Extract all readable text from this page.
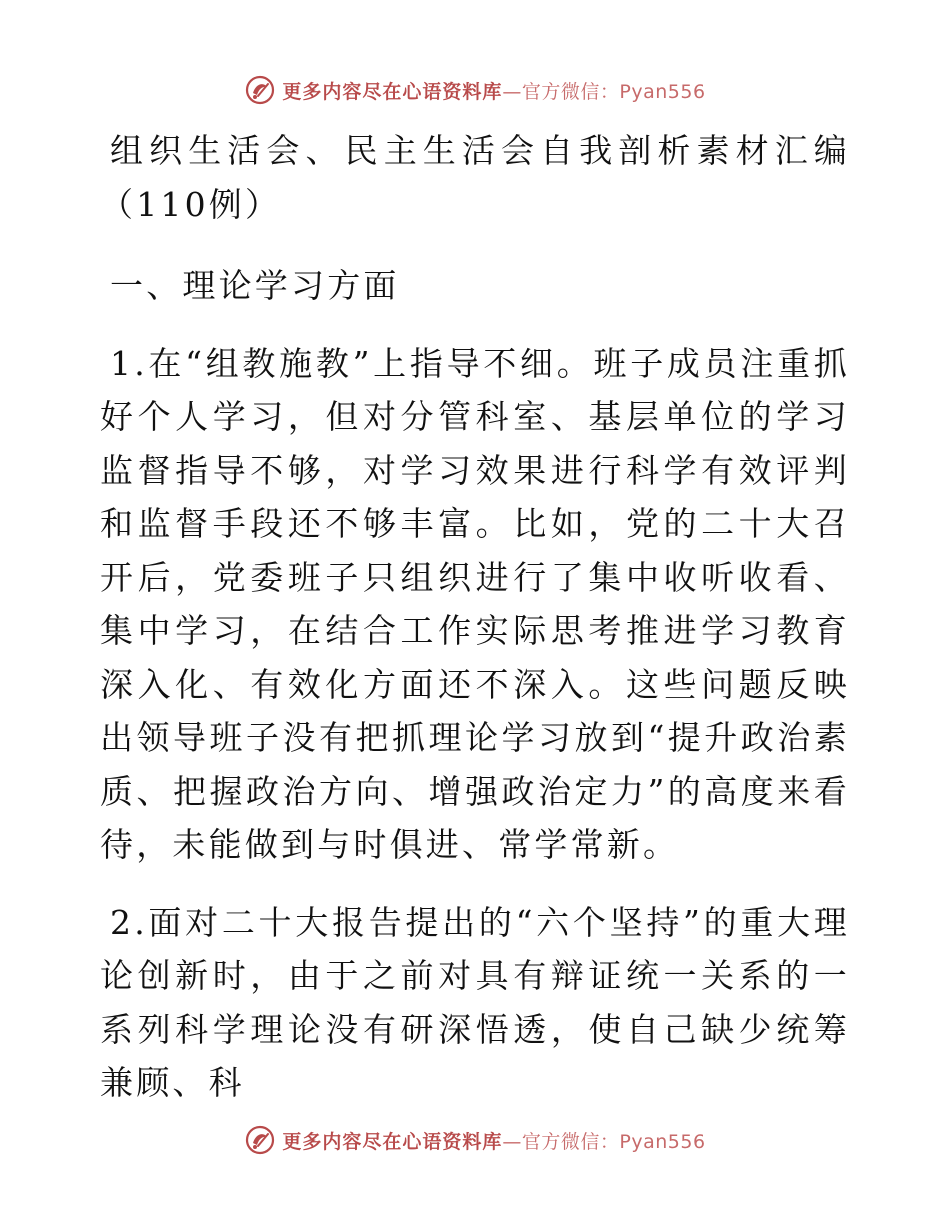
更多内容尽在心语资料库 —官方微信：Pyan556

组织生活会、民主生活会自我剖析素材汇编（110例）

一、理论学习方面

1.在“组教施教”上指导不细。班子成员注重抓好个人学习，但对分管科室、基层单位的学习监督指导不够，对学习效果进行科学有效评判和监督手段还不够丰富。比如，党的二十大召开后，党委班子只组织进行了集中收听收看、集中学习，在结合工作实际思考推进学习教育深入化、有效化方面还不深入。这些问题反映出领导班子没有把抓理论学习放到“提升政治素质、把握政治方向、增强政治定力”的高度来看待，未能做到与时俱进、常学常新。

2.面对二十大报告提出的“六个坚持”的重大理论创新时，由于之前对具有辩证统一关系的一系列科学理论没有研深悟透，使自己缺少统筹兼顾、科

更多内容尽在心语资料库 —官方微信：Pyan556
